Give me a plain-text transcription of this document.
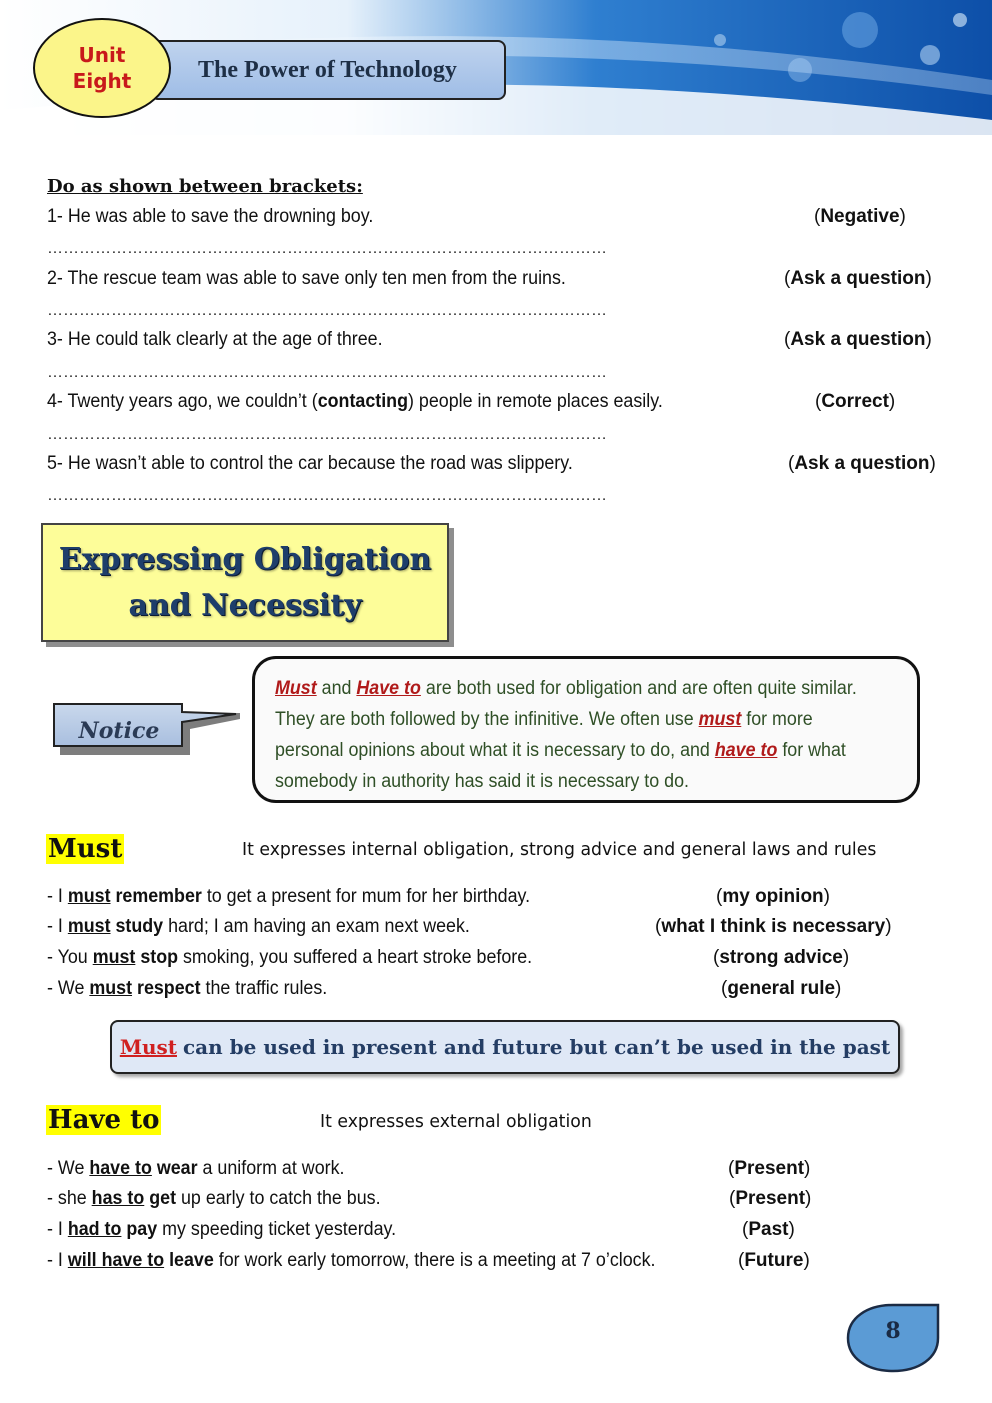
The Power of Technology
Unit
Eight
Do as shown between brackets:
1- He was able to save the drowning boy.	(Negative)
……………………………………………………………………………………………
2- The rescue team was able to save only ten men from the ruins.	(Ask a question)
……………………………………………………………………………………………
3- He could talk clearly at the age of three.	(Ask a question)
……………………………………………………………………………………………
4- Twenty years ago, we couldn’t (contacting) people in remote places easily.	(Correct)
……………………………………………………………………………………………
5- He wasn’t able to control the car because the road was slippery.	(Ask a question)
……………………………………………………………………………………………
Expressing Obligation
and Necessity
Notice

Must and Have to are both used for obligation and are often quite similar.

They are both followed by the infinitive. We often use must for more

personal opinions about what it is necessary to do, and have to for what

somebody in authority has said it is necessary to do.

Must	It expresses internal obligation, strong advice and general laws and rules
- I must remember to get a present for mum for her birthday.	(my opinion)
- I must study hard; I am having an exam next week.	(what I think is necessary)
- You must stop smoking, you suffered a heart stroke before.	(strong advice)
- We must respect the traffic rules.	(general rule)
Must can be used in present and future but can’t be used in the past
Have to	It expresses external obligation
- We have to wear a uniform at work.	(Present)
- she has to get up early to catch the bus.	(Present)
- I had to pay my speeding ticket yesterday.	(Past)
- I will have to leave for work early tomorrow, there is a meeting at 7 o’clock.	(Future)
8
